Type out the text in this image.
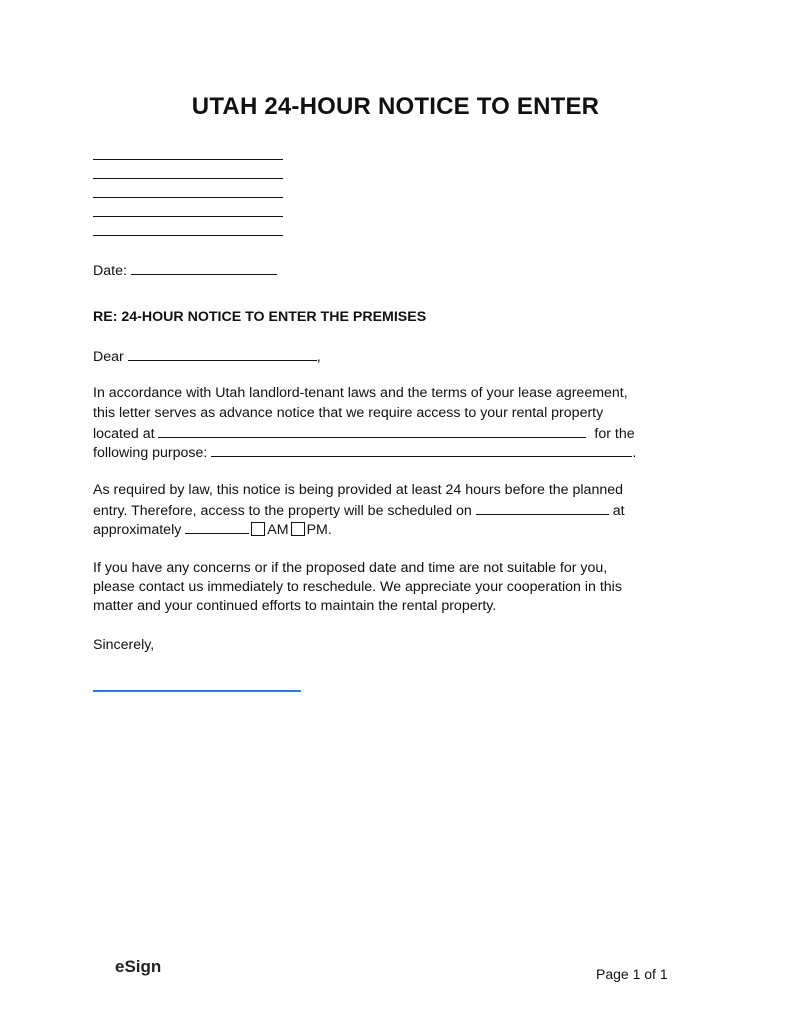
UTAH 24-HOUR NOTICE TO ENTER
Date:
RE: 24-HOUR NOTICE TO ENTER THE PREMISES
Dear	,
In accordance with Utah landlord-tenant laws and the terms of your lease agreement,
this letter serves as advance notice that we require access to your rental property
located at	for the
following purpose:	.
As required by law, this notice is being provided at least 24 hours before the planned
entry. Therefore, access to the property will be scheduled on	at
approximately	AM PM.
If you have any concerns or if the proposed date and time are not suitable for you,
please contact us immediately to reschedule. We appreciate your cooperation in this
matter and your continued efforts to maintain the rental property.
Sincerely,
eSign	Page 1 of 1
